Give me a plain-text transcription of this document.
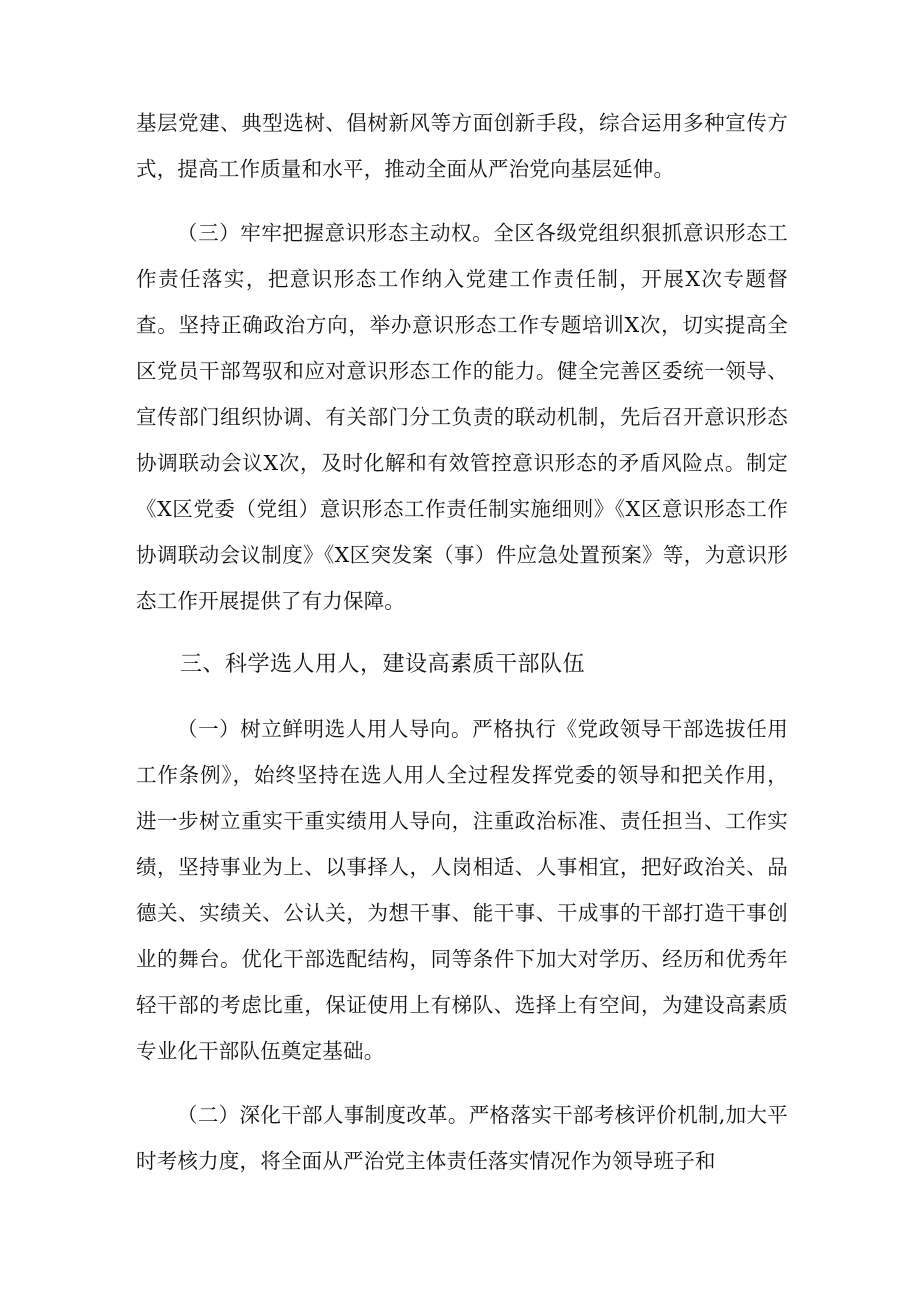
基层党建、典型选树、倡树新风等方面创新手段，综合运用多种宣传方式，提高工作质量和水平，推动全面从严治党向基层延伸。

（三）牢牢把握意识形态主动权。全区各级党组织狠抓意识形态工作责任落实，把意识形态工作纳入党建工作责任制，开展X次专题督查。坚持正确政治方向，举办意识形态工作专题培训X次，切实提高全区党员干部驾驭和应对意识形态工作的能力。健全完善区委统一领导、宣传部门组织协调、有关部门分工负责的联动机制，先后召开意识形态协调联动会议X次，及时化解和有效管控意识形态的矛盾风险点。制定《X区党委（党组）意识形态工作责任制实施细则》《X区意识形态工作协调联动会议制度》《X区突发案（事）件应急处置预案》等，为意识形态工作开展提供了有力保障。

三、科学选人用人，建设高素质干部队伍

（一）树立鲜明选人用人导向。严格执行《党政领导干部选拔任用工作条例》，始终坚持在选人用人全过程发挥党委的领导和把关作用，进一步树立重实干重实绩用人导向，注重政治标准、责任担当、工作实绩，坚持事业为上、以事择人，人岗相适、人事相宜，把好政治关、品德关、实绩关、公认关，为想干事、能干事、干成事的干部打造干事创业的舞台。优化干部选配结构，同等条件下加大对学历、经历和优秀年轻干部的考虑比重，保证使用上有梯队、选择上有空间，为建设高素质专业化干部队伍奠定基础。

（二）深化干部人事制度改革。严格落实干部考核评价机制,加大平时考核力度，将全面从严治党主体责任落实情况作为领导班子和
